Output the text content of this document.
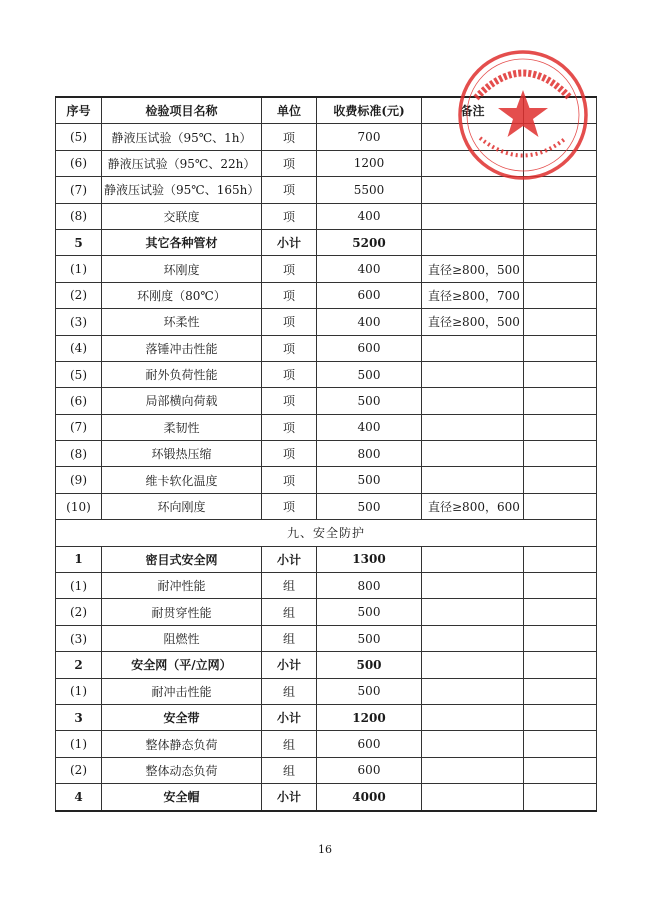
序号	检验项目名称	单位	收费标准(元)	备注	
(5)	静液压试验（95℃、1h）	项	700		
(6)	静液压试验（95℃、22h）	项	1200		
(7)	静液压试验（95℃、165h）	项	5500		
(8)	交联度	项	400		
5	其它各种管材	小计	5200		
(1)	环刚度	项	400	直径≥800，500	
(2)	环刚度（80℃）	项	600	直径≥800，700	
(3)	环柔性	项	400	直径≥800，500	
(4)	落锤冲击性能	项	600		
(5)	耐外负荷性能	项	500		
(6)	局部横向荷载	项	500		
(7)	柔韧性	项	400		
(8)	环锻热压缩	项	800		
(9)	维卡软化温度	项	500		
(10)	环向刚度	项	500	直径≥800，600	
九、安全防护					
1	密目式安全网	小计	1300		
(1)	耐冲性能	组	800		
(2)	耐贯穿性能	组	500		
(3)	阻燃性	组	500		
2	安全网（平/立网）	小计	500		
(1)	耐冲击性能	组	500		
3	安全带	小计	1200		
(1)	整体静态负荷	组	600		
(2)	整体动态负荷	组	600		
4	安全帽	小计	4000		
16
